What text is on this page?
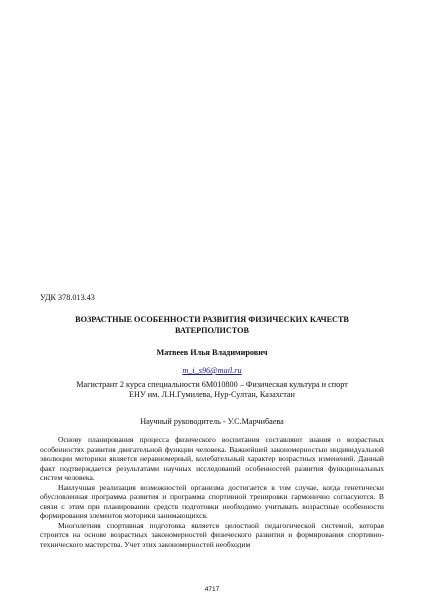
УДК 378.013.43
ВОЗРАСТНЫЕ ОСОБЕННОСТИ РАЗВИТИЯ ФИЗИЧЕСКИХ КАЧЕСТВ
ВАТЕРПОЛИСТОВ
Матвеев Илья Владимирович
m_i_s96@mail.ru
Магистрант 2 курса специальности 6М010800 – Физическая культура и спорт
ЕНУ им. Л.Н.Гумилева, Нур-Султан, Казахстан
Научный руководитель - У.С.Марчибаева

Основу планирования процесса физического воспитания составляют знания о возрастных особенностях развития двигательной функции человека. Важнейшей закономерностью индивидуальной эволюции моторики является неравномерный, колебательный характер возрастных изменений. Данный факт подтверждается результатами научных исследований особенностей развития функциональных систем человека.

Наилучшая реализация возможностей организма достигается в том случае, когда генетически обусловленная программа развития и программа спортивной тренировки гармонично согласуются. В связи с этим при планировании средств подготовки необходимо учитывать возрастные особенности формирования элементов моторики занимающихся.

Многолетняя спортивная подготовка является целостной педагогической системой, которая строится на основе возрастных закономерностей физического развития и формирования спортивно-технического мастерства. Учет этих закономерностей необходим

4717
